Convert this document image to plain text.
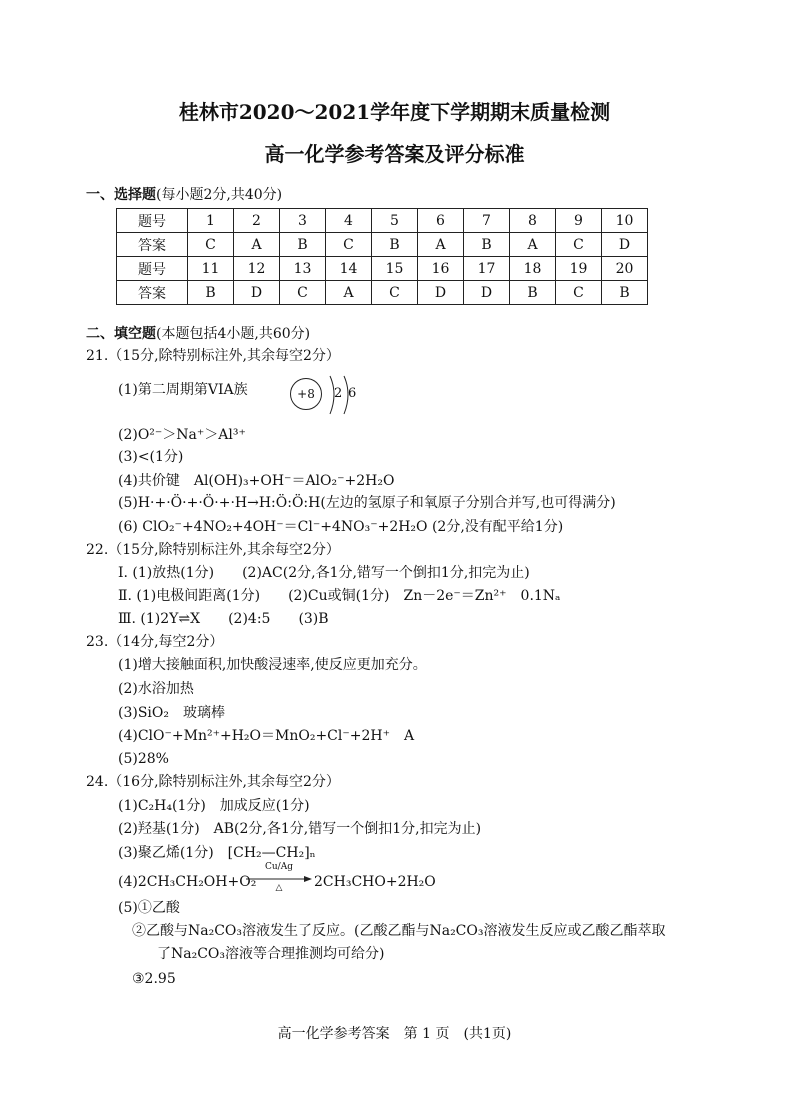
桂林市2020～2021学年度下学期期末质量检测
高一化学参考答案及评分标准
一、选择题(每小题2分,共40分)
题号	1	2	3	4	5	6	7	8	9	10
答案	C	A	B	C	B	A	B	A	C	D
题号	11	12	13	14	15	16	17	18	19	20
答案	B	D	C	A	C	D	D	B	C	B
二、填空题(本题包括4小题,共60分)
21.（15分,除特别标注外,其余每空2分）
(1)第二周期第VIA族	+8	2 6
(2)O²⁻＞Na⁺＞Al³⁺
(3)<(1分)
(4)共价键　Al(OH)₃+OH⁻＝AlO₂⁻+2H₂O
(5)H·+·Ö·+·Ö·+·H→H:Ö:Ö:H(左边的氢原子和氧原子分别合并写,也可得满分)
(6) ClO₂⁻+4NO₂+4OH⁻＝Cl⁻+4NO₃⁻+2H₂O (2分,没有配平给1分)
22.（15分,除特别标注外,其余每空2分）
Ⅰ. (1)放热(1分)　　(2)AC(2分,各1分,错写一个倒扣1分,扣完为止)
Ⅱ. (1)电极间距离(1分)　　(2)Cu或铜(1分)　Zn－2e⁻＝Zn²⁺　0.1Nₐ
Ⅲ. (1)2Y⇌X　　(2)4:5　　(3)B
23.（14分,每空2分）
(1)增大接触面积,加快酸浸速率,使反应更加充分。
(2)水浴加热
(3)SiO₂　玻璃棒
(4)ClO⁻+Mn²⁺+H₂O＝MnO₂+Cl⁻+2H⁺　A
(5)28%
24.（16分,除特别标注外,其余每空2分）
(1)C₂H₄(1分)　加成反应(1分)
(2)羟基(1分)　AB(2分,各1分,错写一个倒扣1分,扣完为止)
(3)聚乙烯(1分)　[CH₂—CH₂]ₙ
(4)2CH₃CH₂OH+O₂
Cu/Ag
△	2CH₃CHO+2H₂O
(5)①乙酸
②乙酸与Na₂CO₃溶液发生了反应。(乙酸乙酯与Na₂CO₃溶液发生反应或乙酸乙酯萃取
了Na₂CO₃溶液等合理推测均可给分)
③2.95
高一化学参考答案　第 1 页　(共1页)
